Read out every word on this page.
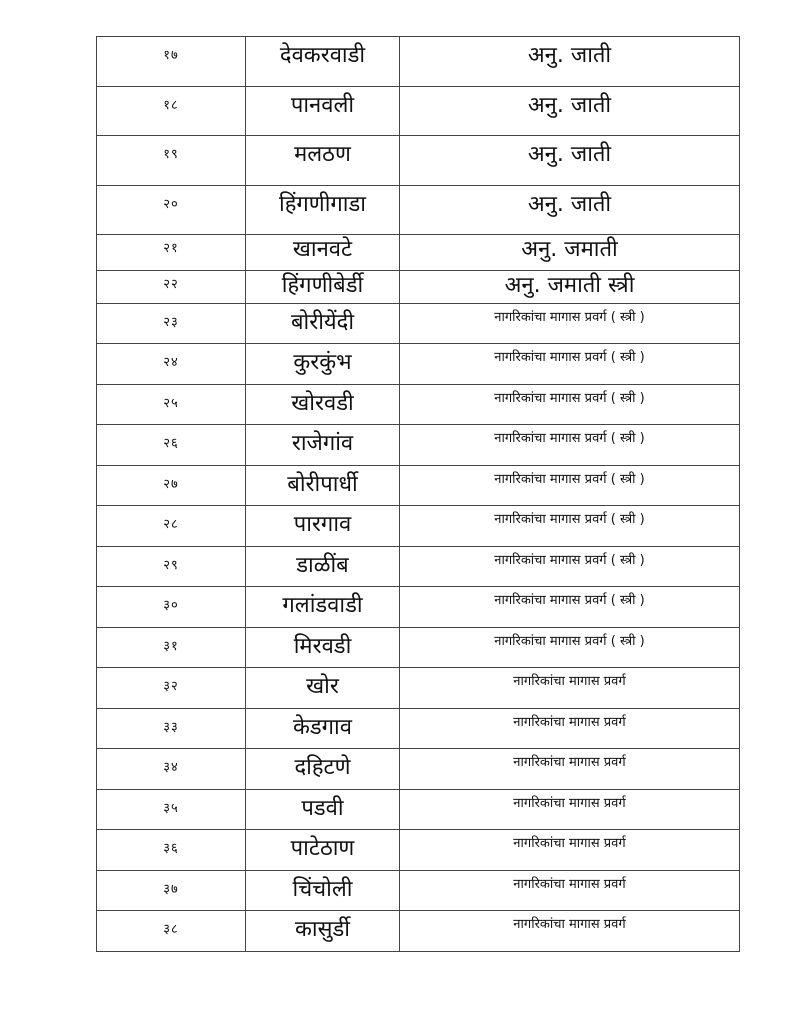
१७	देवकरवाडी	अनु. जाती
१८	पानवली	अनु. जाती
१९	मलठण	अनु. जाती
२०	हिंगणीगाडा	अनु. जाती
२१	खानवटे	अनु. जमाती
२२	हिंगणीबेर्डी	अनु. जमाती स्त्री
२३	बोरीयेंदी	नागरिकांचा मागास प्रवर्ग ( स्त्री )
२४	कुरकुंभ	नागरिकांचा मागास प्रवर्ग ( स्त्री )
२५	खोरवडी	नागरिकांचा मागास प्रवर्ग ( स्त्री )
२६	राजेगांव	नागरिकांचा मागास प्रवर्ग ( स्त्री )
२७	बोरीपार्धी	नागरिकांचा मागास प्रवर्ग ( स्त्री )
२८	पारगाव	नागरिकांचा मागास प्रवर्ग ( स्त्री )
२९	डाळींब	नागरिकांचा मागास प्रवर्ग ( स्त्री )
३०	गलांडवाडी	नागरिकांचा मागास प्रवर्ग ( स्त्री )
३१	मिरवडी	नागरिकांचा मागास प्रवर्ग ( स्त्री )
३२	खोर	नागरिकांचा मागास प्रवर्ग
३३	केडगाव	नागरिकांचा मागास प्रवर्ग
३४	दहिटणे	नागरिकांचा मागास प्रवर्ग
३५	पडवी	नागरिकांचा मागास प्रवर्ग
३६	पाटेठाण	नागरिकांचा मागास प्रवर्ग
३७	चिंचोली	नागरिकांचा मागास प्रवर्ग
३८	कासुर्डी	नागरिकांचा मागास प्रवर्ग
